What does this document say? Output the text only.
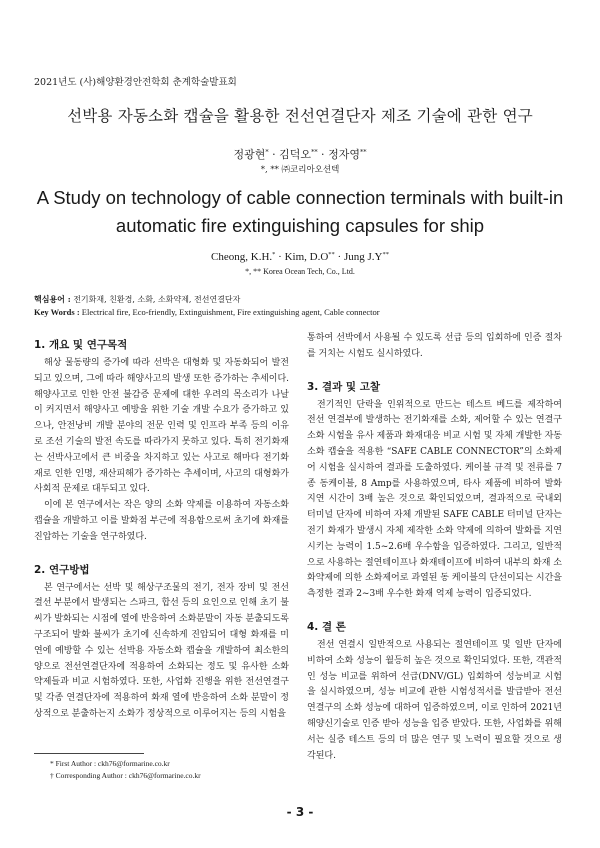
2021년도 (사)해양환경안전학회 춘계학술발표회
선박용 자동소화 캡슐을 활용한 전선연결단자 제조 기술에 관한 연구
정광현* · 김덕오** · 정자영**
*, ** ㈜코리아오션텍
A Study on technology of cable connection terminals with built-in automatic fire extinguishing capsules for ship
Cheong, K.H.* · Kim, D.O** · Jung J.Y**
*, ** Korea Ocean Tech, Co., Ltd.
핵심용어 : 전기화재, 친환경, 소화, 소화약제, 전선연결단자
Key Words : Electrical fire, Eco-friendly, Extinguishment, Fire extinguishing agent, Cable connector
1. 개요 및 연구목적

해상 물동량의 증가에 따라 선박은 대형화 및 자동화되어 발전되고 있으며, 그에 따라 해양사고의 발생 또한 증가하는 추세이다. 해양사고로 인한 안전 불감증 문제에 대한 우려의 목소리가 나날이 커지면서 해양사고 예방을 위한 기술 개발 수요가 증가하고 있으나, 안전낭비 개발 분야의 전문 인력 및 인프라 부족 등의 이유로 조선 기술의 발전 속도를 따라가지 못하고 있다. 특히 전기화재는 선박사고에서 큰 비중을 차지하고 있는 사고로 해마다 전기화재로 인한 인명, 재산피해가 증가하는 추세이며, 사고의 대형화가 사회적 문제로 대두되고 있다.

이에 본 연구에서는 작은 양의 소화 약제를 이용하여 자동소화 캡슐을 개발하고 이를 발화점 부근에 적용함으로써 초기에 화재를 진압하는 기술을 연구하였다.

2. 연구방법

본 연구에서는 선박 및 해상구조물의 전기, 전자 장비 및 전선 결선 부분에서 발생되는 스파크, 합선 등의 요인으로 인해 초기 불씨가 발화되는 시점에 열에 반응하여 소화분말이 자동 분출되도록 구조되어 발화 불씨가 초기에 신속하게 진압되어 대형 화재를 미연에 예방할 수 있는 선박용 자동소화 캡슐을 개발하여 최소한의 양으로 전선연결단자에 적용하여 소화되는 정도 및 유사한 소화 약제들과 비교 시험하였다. 또한, 사업화 진행을 위한 전선연결구 및 각종 연결단자에 적용하여 화재 열에 반응하여 소화 분말이 정상적으로 분출하는지 소화가 정상적으로 이루어지는 등의 시험을

통하여 선박에서 사용될 수 있도록 선급 등의 입회하에 인증 절차를 거치는 시험도 실시하였다.

3. 결과 및 고찰

전기적인 단락을 인위적으로 만드는 테스트 베드를 제작하여 전선 연결부에 발생하는 전기화재를 소화, 제어할 수 있는 연결구 소화 시험을 유사 제품과 화재대응 비교 시험 및 자체 개발한 자동소화 캡슐을 적용한 “SAFE CABLE CONNECTOR”의 소화제어 시험을 실시하여 결과를 도출하였다. 케이블 규격 및 전류를 7종 동케이블, 8 Amp를 사용하였으며, 타사 제품에 비하여 발화 지연 시간이 3배 높은 것으로 확인되었으며, 결과적으로 국내외 터미널 단자에 비하여 자체 개발된 SAFE CABLE 터미널 단자는 전기 화재가 발생시 자체 제작한 소화 약제에 의하여 발화를 지연시키는 능력이 1.5~2.6배 우수함을 입증하였다. 그리고, 일반적으로 사용하는 절연테이프나 화재테이프에 비하여 내부의 화재 소화약제에 의한 소화제어로 과열된 동 케이블의 단선이되는 시간을 측정한 결과 2~3배 우수한 화재 억제 능력이 입증되었다.

4. 결 론

전선 연결시 일반적으로 사용되는 절연테이프 및 일반 단자에 비하여 소화 성능이 월등히 높은 것으로 확인되었다. 또한, 객관적인 성능 비교를 위하여 선급(DNV/GL) 입회하여 성능비교 시험을 실시하였으며, 성능 비교에 관한 시험성적서를 발급받아 전선연결구의 소화 성능에 대하여 입증하였으며, 이로 인하여 2021년 해양신기술로 인증 받아 성능을 입증 받았다. 또한, 사업화를 위해서는 실증 테스트 등의 더 많은 연구 및 노력이 필요할 것으로 생각된다.

* First Author : ckh76@formarine.co.kr
† Corresponding Author : ckh76@formarine.co.kr
- 3 -
